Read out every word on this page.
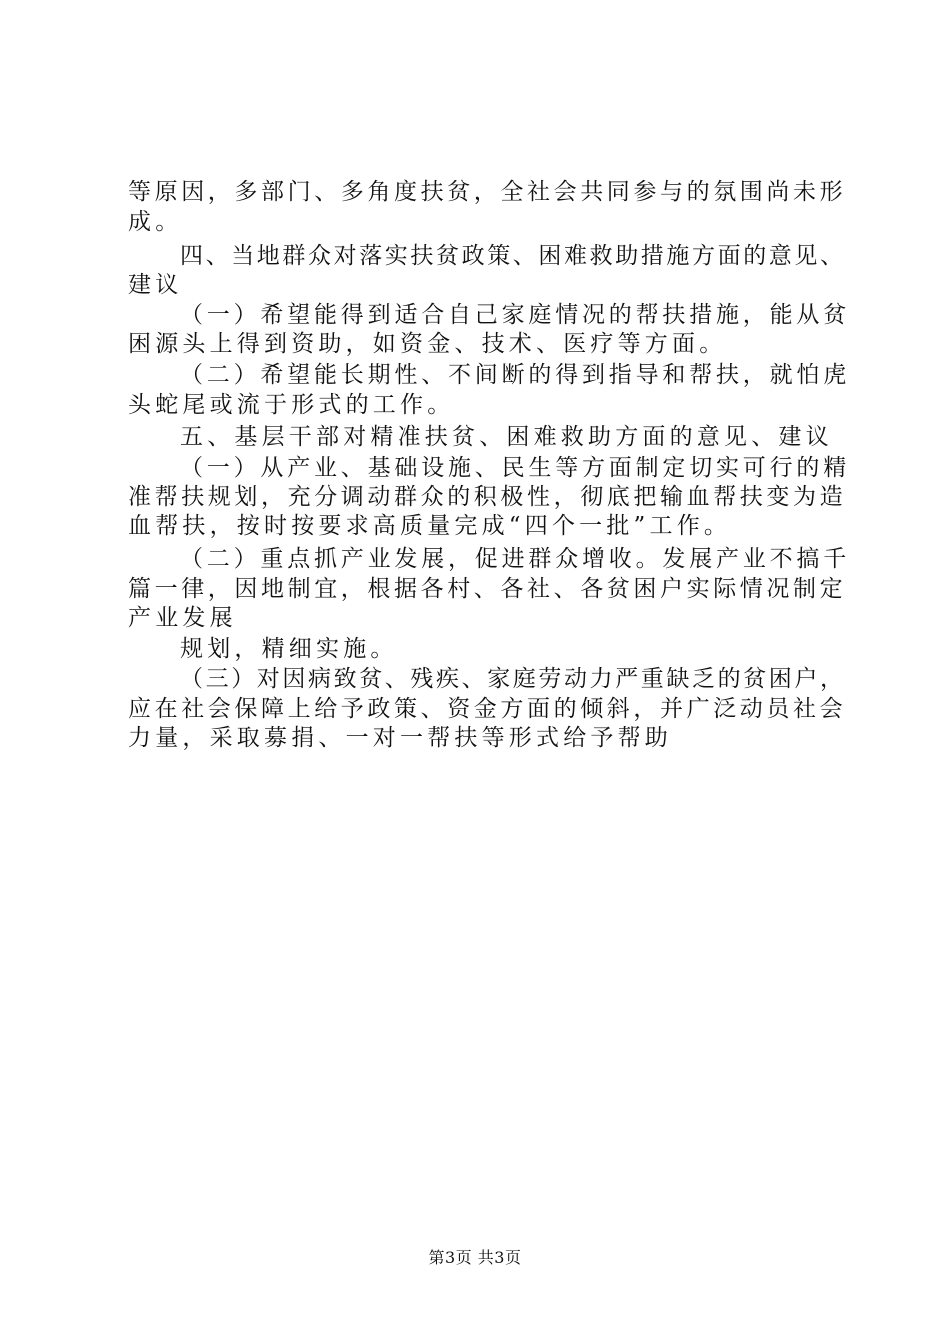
等原因，多部门、多角度扶贫，全社会共同参与的氛围尚未形
成。
四、当地群众对落实扶贫政策、困难救助措施方面的意见、
建议
（一）希望能得到适合自己家庭情况的帮扶措施，能从贫
困源头上得到资助，如资金、技术、医疗等方面。
（二）希望能长期性、不间断的得到指导和帮扶，就怕虎
头蛇尾或流于形式的工作。
五、基层干部对精准扶贫、困难救助方面的意见、建议
（一）从产业、基础设施、民生等方面制定切实可行的精
准帮扶规划，充分调动群众的积极性，彻底把输血帮扶变为造
血帮扶，按时按要求高质量完成“四个一批”工作。
（二）重点抓产业发展，促进群众增收。发展产业不搞千
篇一律，因地制宜，根据各村、各社、各贫困户实际情况制定
产业发展
规划，精细实施。
（三）对因病致贫、残疾、家庭劳动力严重缺乏的贫困户，
应在社会保障上给予政策、资金方面的倾斜，并广泛动员社会
力量，采取募捐、一对一帮扶等形式给予帮助
第3页 共3页
